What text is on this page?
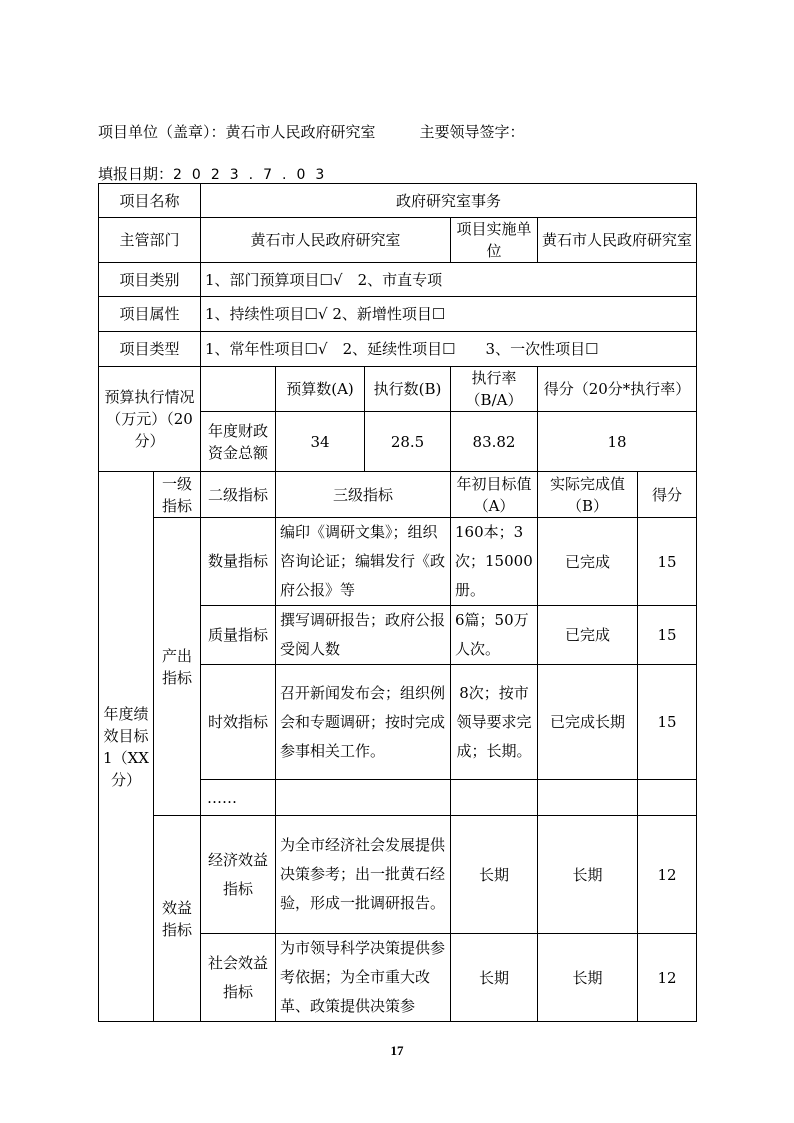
项目单位（盖章）：黄石市人民政府研究室	主要领导签字：
填报日期：2023.7.03
项目名称		政府研究室事务					
主管部门		黄石市人民政府研究室			项目实施单位	黄石市人民政府研究室	
项目类别		1、部门预算项目☐√　2、市直专项					
项目属性		1、持续性项目☐√ 2、新增性项目☐					
项目类型		1、常年性项目☐√　2、延续性项目☐　　3、一次性项目☐					
预算执行情况（万元）（20分）			预算数(A)	执行数(B)	执行率（B/A）	得分（20分*执行率）	
		年度财政资金总额	34	28.5	83.82	18	
年度绩效目标1（XX分）	一级指标	二级指标	三级指标		年初目标值（A）	实际完成值（B）	得分
	产出指标	数量指标	编印《调研文集》；组织咨询论证；编辑发行《政府公报》等		160本；3次；15000册。	已完成	15
		质量指标	撰写调研报告；政府公报受阅人数		6篇；50万人次。	已完成	15
		时效指标	召开新闻发布会；组织例会和专题调研；按时完成参事相关工作。		8次；按市领导要求完成；长期。	已完成长期	15
		……					
	效益指标	经济效益指标	为全市经济社会发展提供决策参考；出一批黄石经验，形成一批调研报告。		长期	长期	12
		社会效益指标	为市领导科学决策提供参考依据；为全市重大改革、政策提供决策参		长期	长期	12
17
